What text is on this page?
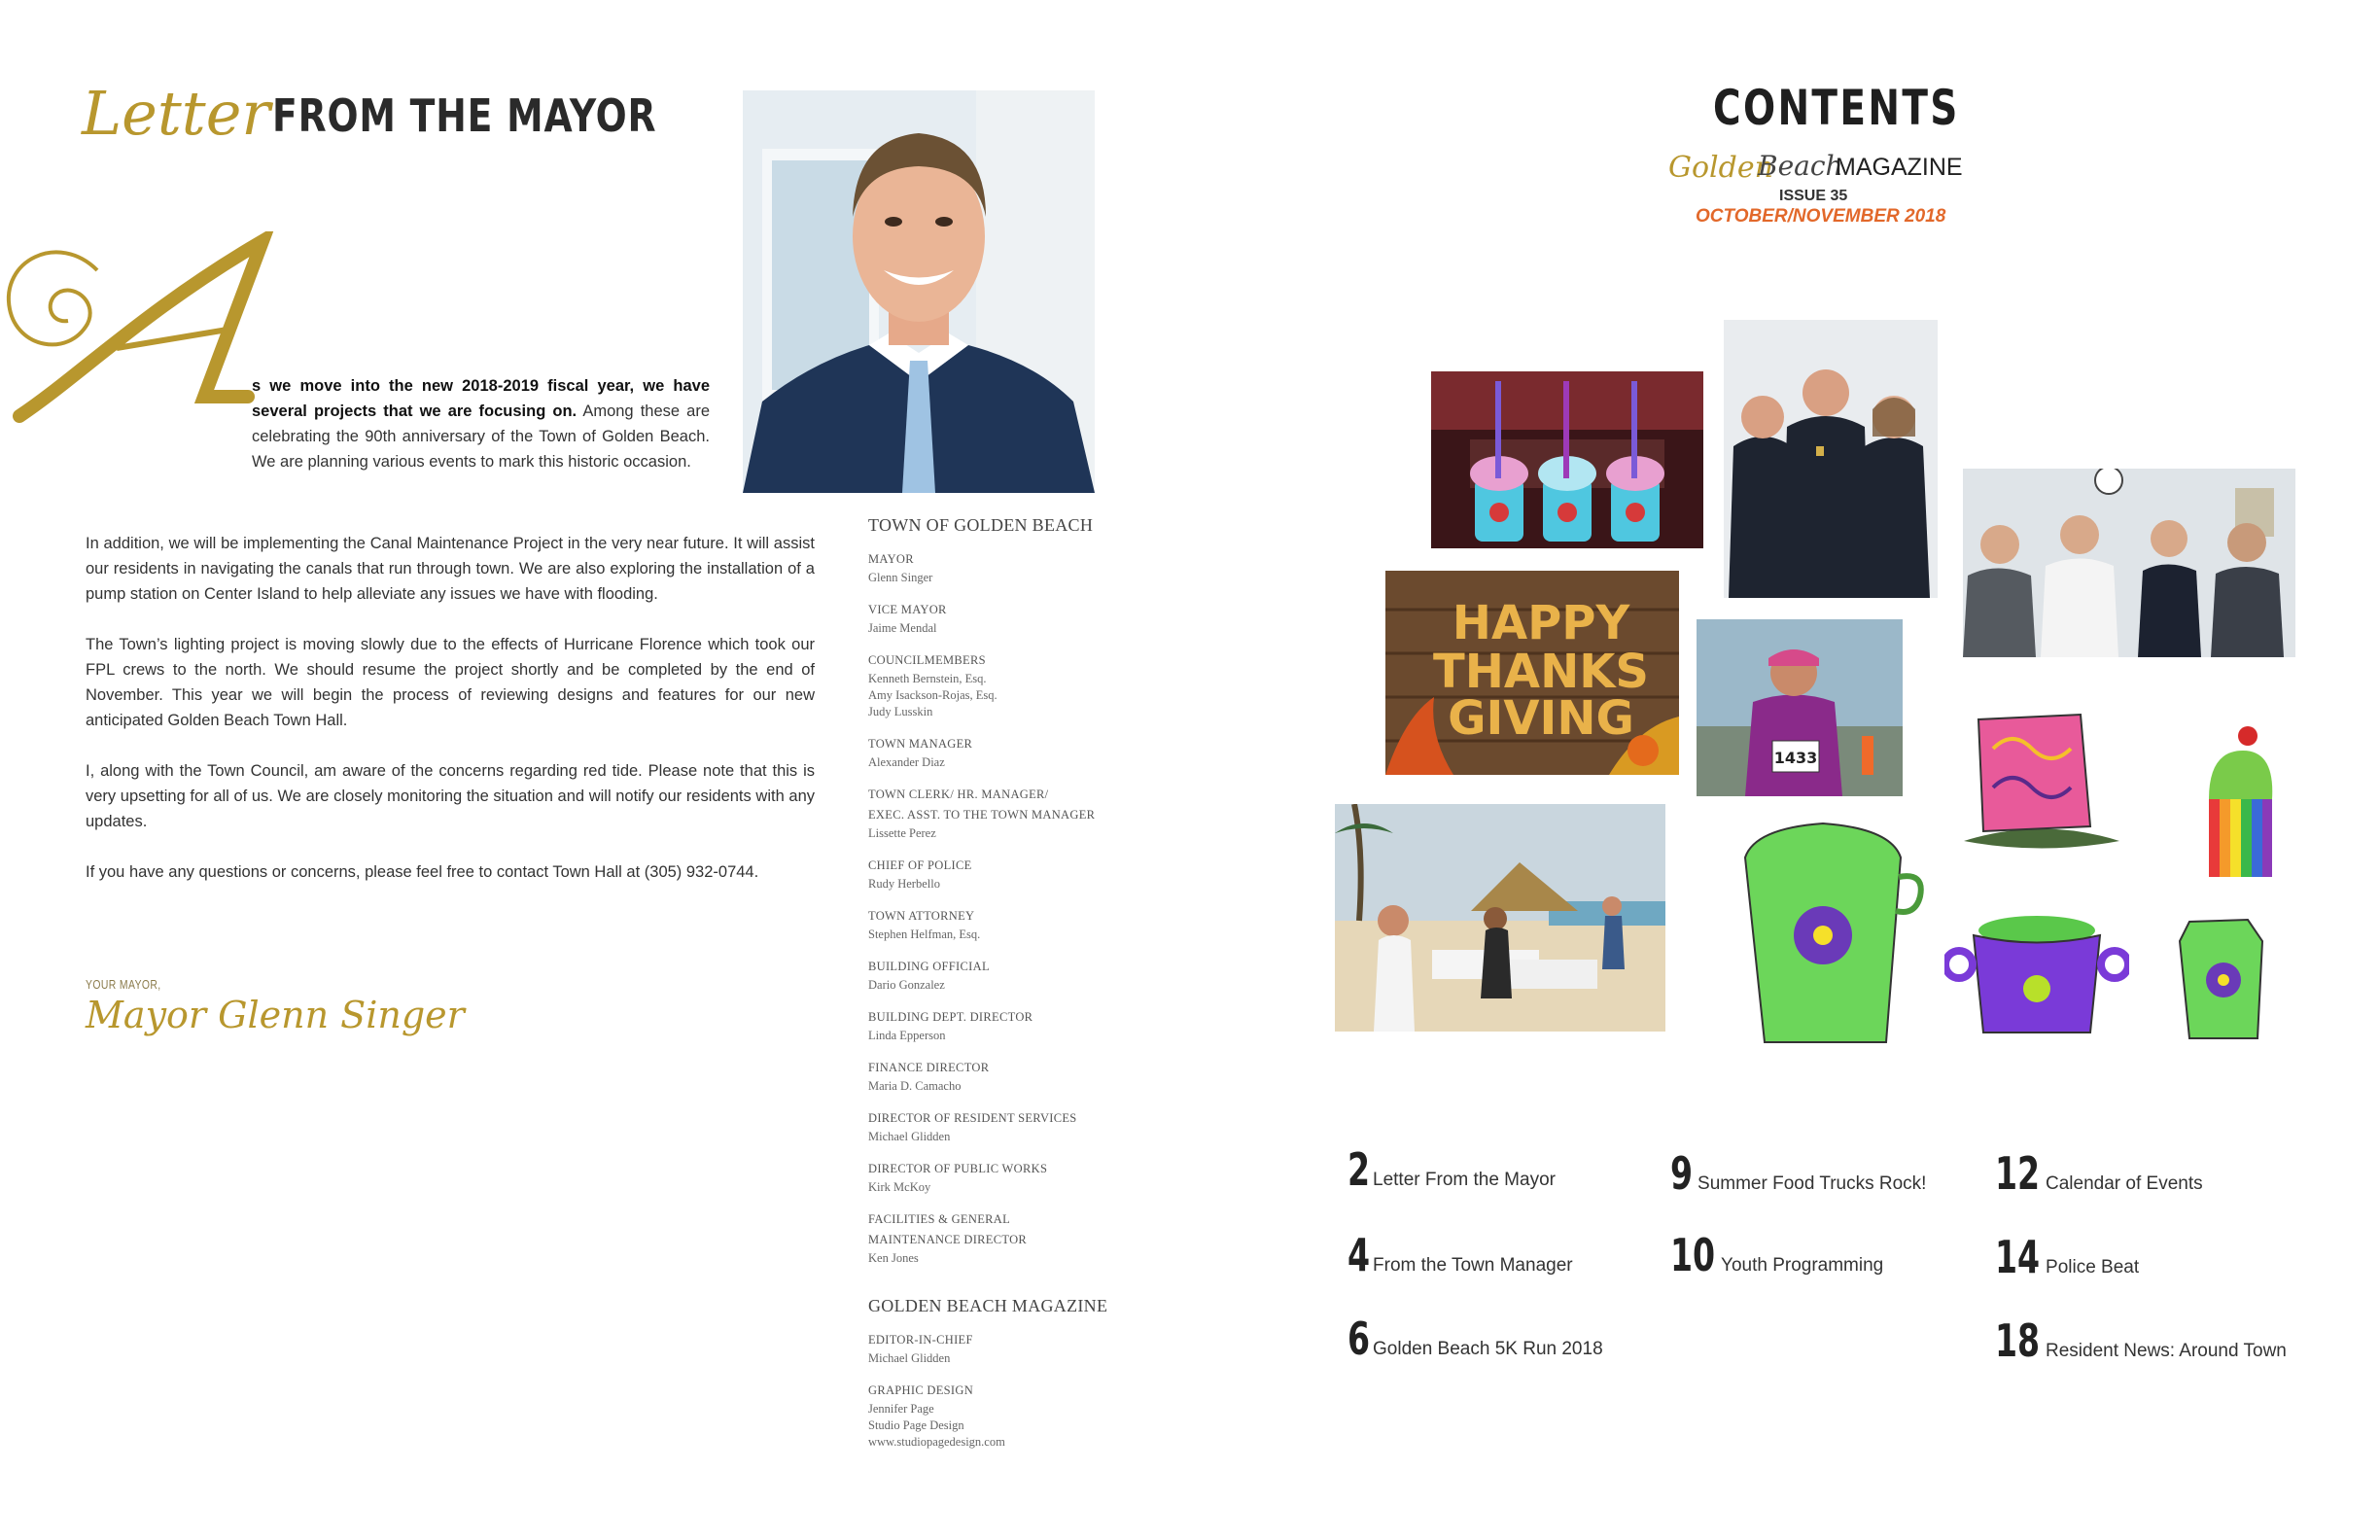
Letter FROM THE MAYOR
s we move into the new 2018-2019 fiscal year, we have several projects that we are focusing on. Among these are celebrating the 90th anniversary of the Town of Golden Beach. We are planning various events to mark this historic occasion.

In addition, we will be implementing the Canal Maintenance Project in the very near future. It will assist our residents in navigating the canals that run through town. We are also exploring the installation of a pump station on Center Island to help alleviate any issues we have with flooding.

The Town’s lighting project is moving slowly due to the effects of Hurricane Florence which took our FPL crews to the north. We should resume the project shortly and be completed by the end of November. This year we will begin the process of reviewing designs and features for our new anticipated Golden Beach Town Hall.

I, along with the Town Council, am aware of the concerns regarding red tide. Please note that this is very upsetting for all of us. We are closely monitoring the situation and will notify our residents with any updates.

If you have any questions or concerns, please feel free to contact Town Hall at (305) 932-0744.

YOUR MAYOR,
Mayor Glenn Singer
TOWN OF GOLDEN BEACH
MAYOR
Glenn Singer
VICE MAYOR
Jaime Mendal
COUNCILMEMBERS
Kenneth Bernstein, Esq.
Amy Isackson-Rojas, Esq.
Judy Lusskin
TOWN MANAGER
Alexander Diaz
TOWN CLERK/ HR. MANAGER/
EXEC. ASST. TO THE TOWN MANAGER
Lissette Perez
CHIEF OF POLICE
Rudy Herbello
TOWN ATTORNEY
Stephen Helfman, Esq.
BUILDING OFFICIAL
Dario Gonzalez
BUILDING DEPT. DIRECTOR
Linda Epperson
FINANCE DIRECTOR
Maria D. Camacho
DIRECTOR OF RESIDENT SERVICES
Michael Glidden
DIRECTOR OF PUBLIC WORKS
Kirk McKoy
FACILITIES & GENERAL
MAINTENANCE DIRECTOR
Ken Jones
GOLDEN BEACH MAGAZINE
EDITOR-IN-CHIEF
Michael Glidden
GRAPHIC DESIGN
Jennifer Page
Studio Page Design
www.studiopagedesign.com
CONTENTS
Golden
Beach
MAGAZINE
ISSUE 35
OCTOBER/NOVEMBER 2018
HAPPY
THANKS
GIVING
1433
2 Letter From the Mayor
4 From the Town Manager
6 Golden Beach 5K Run 2018
9 Summer Food Trucks Rock!
10 Youth Programming
12 Calendar of Events
14 Police Beat
18 Resident News: Around Town
